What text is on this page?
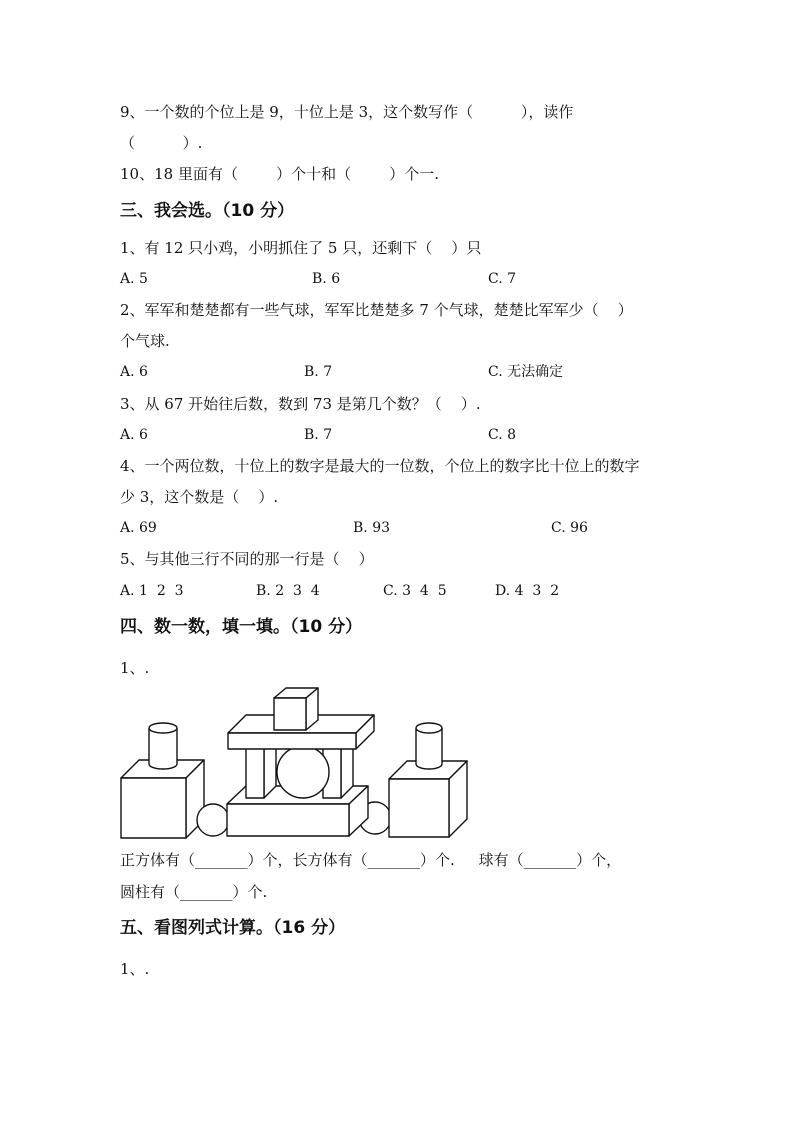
9、一个数的个位上是 9，十位上是 3，这个数写作（          ），读作
（          ）.
10、18 里面有（        ）个十和（        ）个一.
三、我会选。（10 分）
1、有 12 只小鸡，小明抓住了 5 只，还剩下（    ）只
A. 5	B. 6	C. 7
2、军军和楚楚都有一些气球，军军比楚楚多 7 个气球，楚楚比军军少（    ）
个气球.
A. 6	B. 7	C. 无法确定
3、从 67 开始往后数，数到 73 是第几个数？（    ）.
A. 6	B. 7	C. 8
4、一个两位数，十位上的数字是最大的一位数，个位上的数字比十位上的数字
少 3，这个数是（    ）.
A. 69	B. 93	C. 96
5、与其他三行不同的那一行是（    ）
A. 1  2  3	B. 2  3  4	C. 3  4  5	D. 4  3  2
四、数一数，填一填。（10 分）
1、.
正方体有（_______）个，长方体有（_______）个.     球有（_______）个，
圆柱有（_______）个.
五、看图列式计算。（16 分）
1、.
